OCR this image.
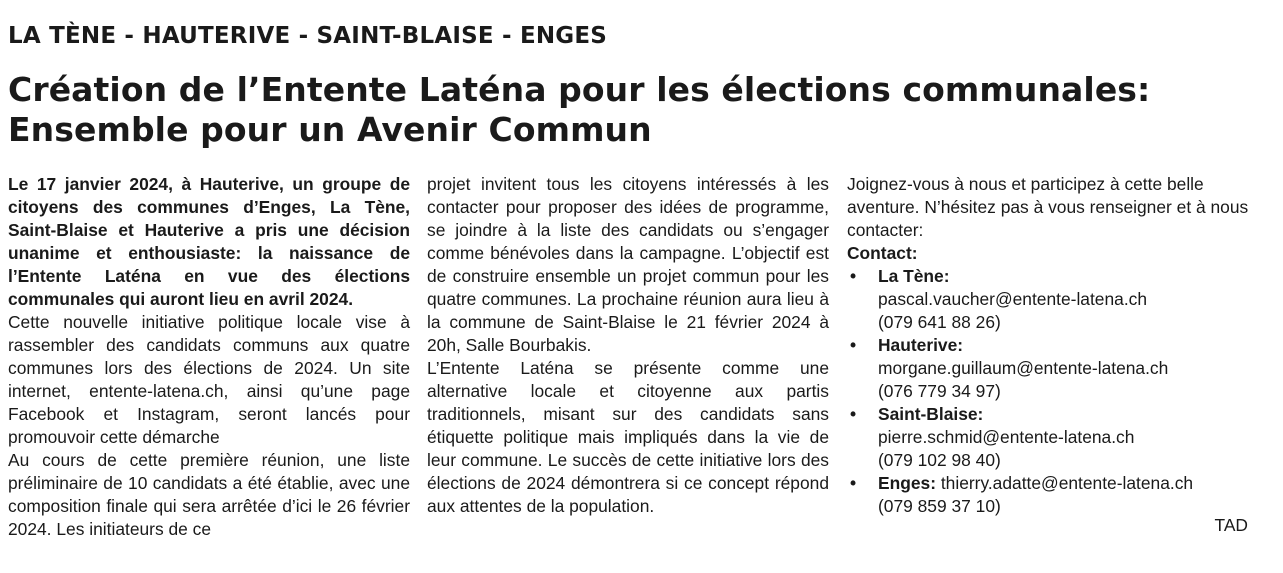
LA TÈNE - HAUTERIVE - SAINT-BLAISE - ENGES
Création de l’Entente Laténa pour les élections communales:
Ensemble pour un Avenir Commun

Le 17 janvier 2024, à Hauterive, un groupe de citoyens des communes d’Enges, La Tène, Saint-Blaise et Hauterive a pris une décision unanime et enthousiaste: la naissance de l’Entente Laténa en vue des élections communales qui auront lieu en avril 2024.

Cette nouvelle initiative politique locale vise à rassembler des candidats communs aux quatre communes lors des élections de 2024. Un site internet, entente-latena.ch, ainsi qu’une page Facebook et Instagram, seront lancés pour promouvoir cette démarche

Au cours de cette première réunion, une liste préliminaire de 10 candidats a été établie, avec une composition finale qui sera arrêtée d’ici le 26 février 2024. Les initiateurs de ce

projet invitent tous les citoyens intéressés à les contacter pour proposer des idées de programme, se joindre à la liste des candidats ou s’engager comme bénévoles dans la campagne. L’objectif est de construire ensemble un projet commun pour les quatre communes. La prochaine réunion aura lieu à la commune de Saint-Blaise le 21 février 2024 à 20h, Salle Bourbakis.

L’Entente Laténa se présente comme une alternative locale et citoyenne aux partis traditionnels, misant sur des candidats sans étiquette politique mais impliqués dans la vie de leur commune. Le succès de cette initiative lors des élections de 2024 démontrera si ce concept répond aux attentes de la population.

Joignez-vous à nous et participez à cette belle aventure. N’hésitez pas à vous renseigner et à nous contacter:

Contact:
• La Tène:
pascal.vaucher@entente-latena.ch
(079 641 88 26)
• Hauterive:
morgane.guillaum@entente-latena.ch
(076 779 34 97)
• Saint-Blaise:
pierre.schmid@entente-latena.ch
(079 102 98 40)
• Enges: thierry.adatte@entente-latena.ch
(079 859 37 10)
TAD
